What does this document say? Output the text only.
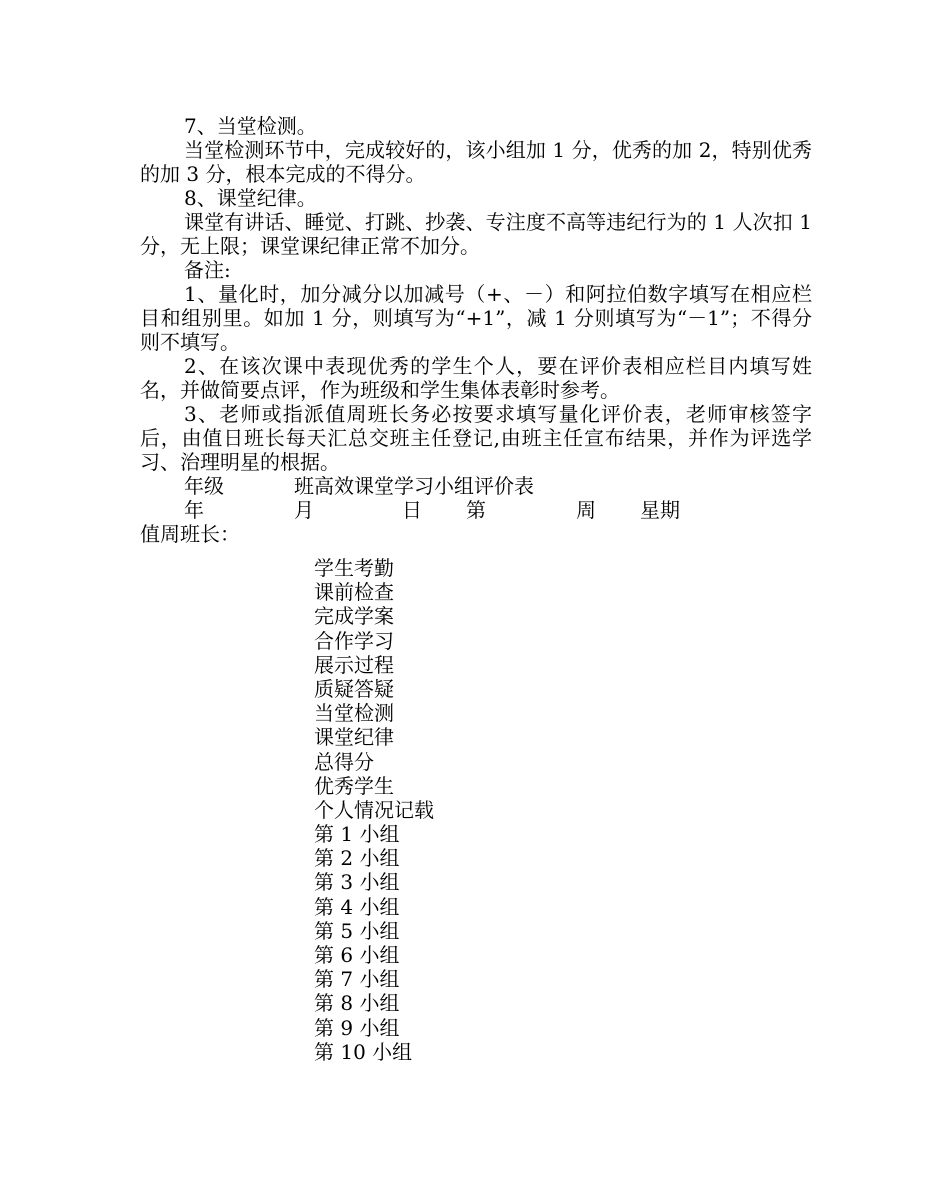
7、当堂检测。

当堂检测环节中，完成较好的，该小组加 1 分，优秀的加 2，特别优秀的加 3 分，根本完成的不得分。

8、课堂纪律。

课堂有讲话、睡觉、打跳、抄袭、专注度不高等违纪行为的 1 人次扣 1 分，无上限；课堂课纪律正常不加分。

备注:

1、量化时，加分减分以加减号（+、－）和阿拉伯数字填写在相应栏目和组别里。如加 1 分，则填写为“+1”，减 1 分则填写为“－1”；不得分则不填写。

2、在该次课中表现优秀的学生个人，要在评价表相应栏目内填写姓名，并做简要点评，作为班级和学生集体表彰时参考。

3、老师或指派值周班长务必按要求填写量化评价表，老师审核签字后，由值日班长每天汇总交班主任登记,由班主任宣布结果，并作为评选学习、治理明星的根据。

年级	班高效课堂学习小组评价表
年	月	日 第	周 星期
值周班长：
学生考勤
课前检查
完成学案
合作学习
展示过程
质疑答疑
当堂检测
课堂纪律
总得分
优秀学生
个人情况记载
第 1 小组
第 2 小组
第 3 小组
第 4 小组
第 5 小组
第 6 小组
第 7 小组
第 8 小组
第 9 小组
第 10 小组
